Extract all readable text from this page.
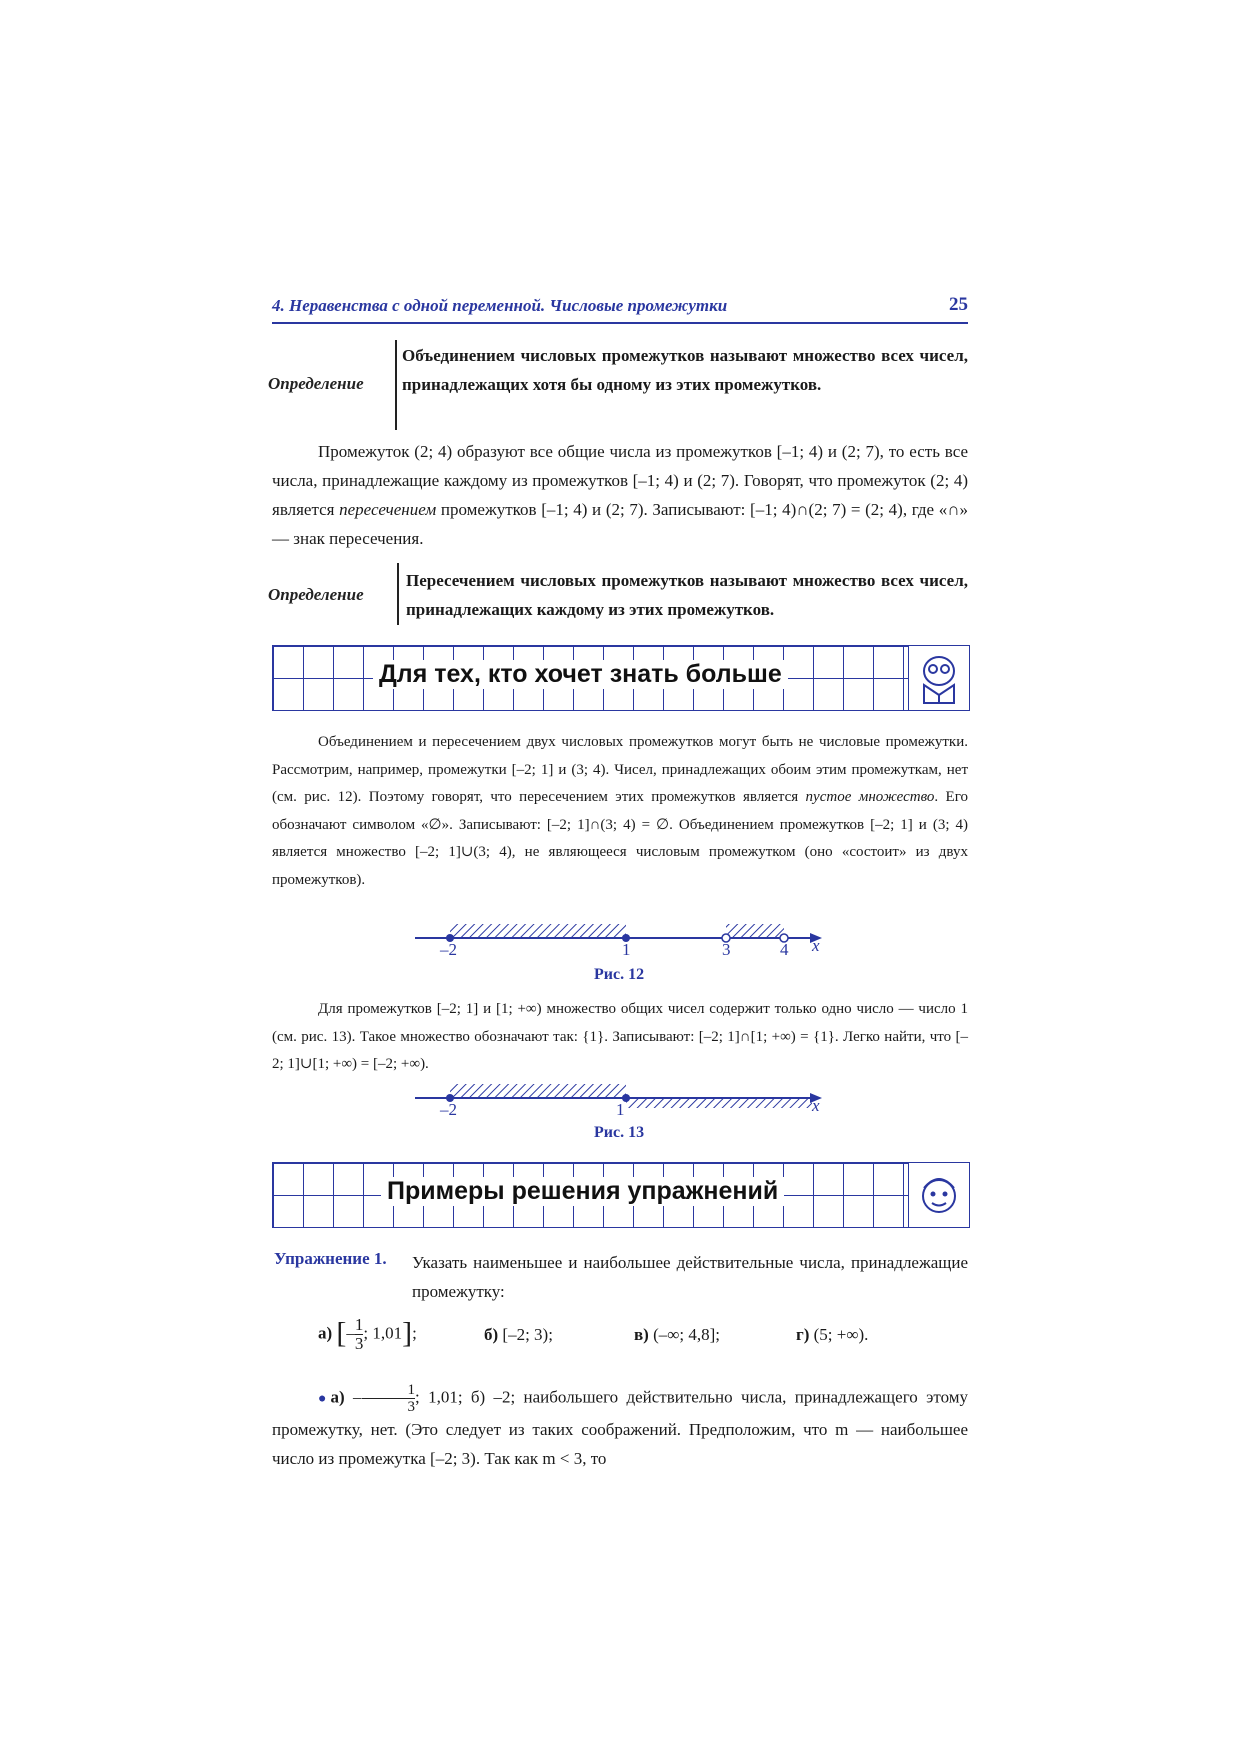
4. Неравенства с одной переменной. Числовые промежутки	25
Определение
Объединением числовых промежутков называют множество всех чисел, принадлежащих хотя бы одному из этих промежутков.

Промежуток (2; 4) образуют все общие числа из промежутков [–1; 4) и (2; 7), то есть все числа, принадлежащие каждому из промежутков [–1; 4) и (2; 7). Говорят, что промежуток (2; 4) является пересечением промежутков [–1; 4) и (2; 7). Записывают: [–1; 4)∩(2; 7) = (2; 4), где «∩» — знак пересечения.

Определение
Пересечением числовых промежутков называют множество всех чисел, принадлежащих каждому из этих промежутков.
Для тех, кто хочет знать больше

Объединением и пересечением двух числовых промежутков могут быть не числовые промежутки. Рассмотрим, например, промежутки [–2; 1] и (3; 4). Чисел, принадлежащих обоим этим промежуткам, нет (см. рис. 12). Поэтому говорят, что пересечением этих промежутков является пустое множество. Его обозначают символом «∅». Записывают: [–2; 1]∩(3; 4) = ∅. Объединением промежутков [–2; 1] и (3; 4) является множество [–2; 1]∪(3; 4), не являющееся числовым промежутком (оно «состоит» из двух промежутков).

–2	1	3	4 x
Рис. 12

Для промежутков [–2; 1] и [1; +∞) множество общих чисел содержит только одно число — число 1 (см. рис. 13). Такое множество обозначают так: {1}. Записывают: [–2; 1]∩[1; +∞) = {1}. Легко найти, что [–2; 1]∪[1; +∞) = [–2; +∞).

–2	1	x
Рис. 13
Примеры решения упражнений
Упражнение 1. Указать наименьшее и наибольшее действительные числа, принадлежащие промежутку:
а) [– $\frac{1}{3}$ ; 1,01];	б) [–2; 3);	в) (–∞; 4,8];	г) (5; +∞).

●а) – $\frac{1}{3}$ ; 1,01; б) –2; наибольшего действительно числа, принадлежащего этому промежутку, нет. (Это следует из таких соображений. Предположим, что m — наибольшее число из промежутка [–2; 3). Так как m < 3, то
